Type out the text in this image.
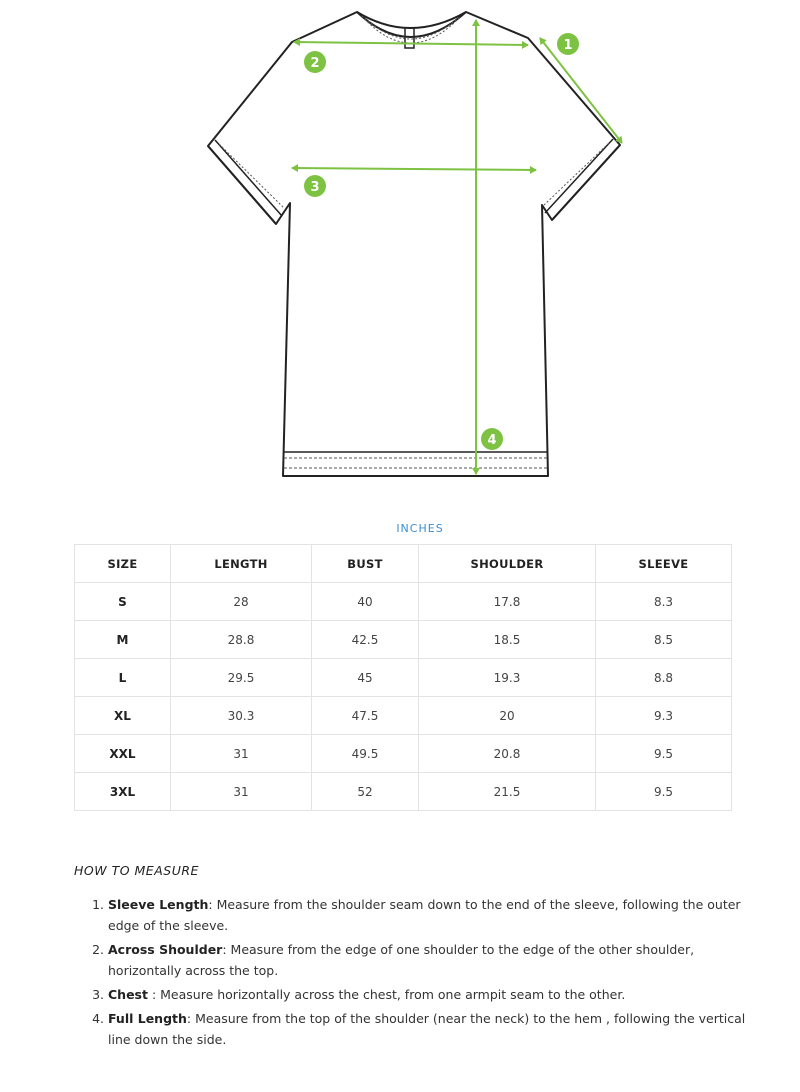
1
2
3
4
INCHES
SIZE	LENGTH	BUST	SHOULDER	SLEEVE
S	28	40	17.8	8.3
M	28.8	42.5	18.5	8.5
L	29.5	45	19.3	8.8
XL	30.3	47.5	20	9.3
XXL	31	49.5	20.8	9.5
3XL	31	52	21.5	9.5
HOW TO MEASURE
1. Sleeve Length: Measure from the shoulder seam down to the end of the sleeve, following the outer edge of the sleeve.
2. Across Shoulder: Measure from the edge of one shoulder to the edge of the other shoulder, horizontally across the top.
3. Chest : Measure horizontally across the chest, from one armpit seam to the other.
4. Full Length: Measure from the top of the shoulder (near the neck) to the hem , following the vertical line down the side.
